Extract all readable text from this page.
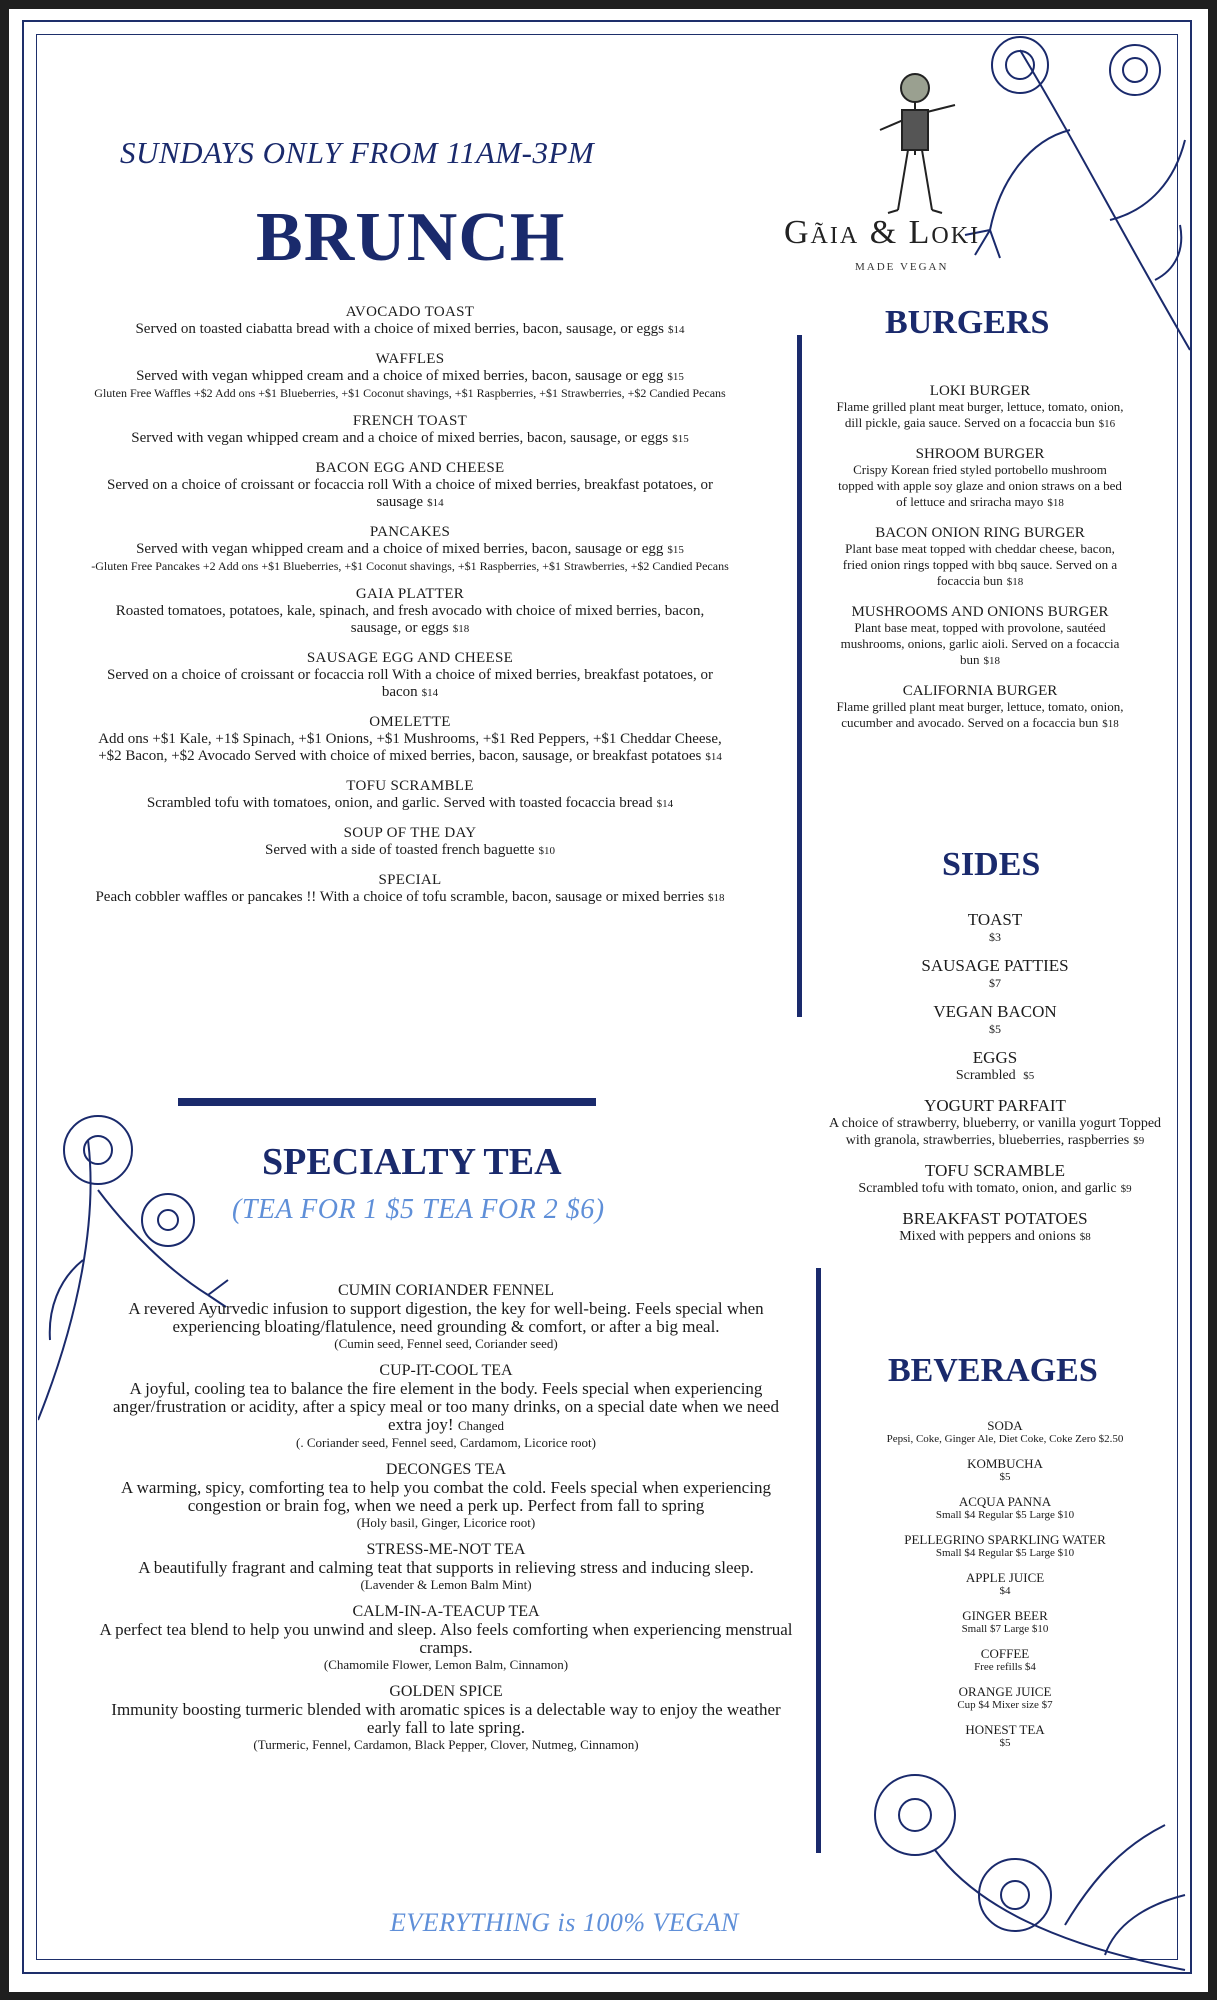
SUNDAYS ONLY FROM 11AM-3PM
BRUNCH
AVOCADO TOAST
Served on toasted ciabatta bread with a choice of mixed berries, bacon, sausage, or eggs $14
WAFFLES
Served with vegan whipped cream and a choice of mixed berries, bacon, sausage or egg $15
Gluten Free Waffles +$2 Add ons +$1 Blueberries, +$1 Coconut shavings, +$1 Raspberries, +$1 Strawberries, +$2 Candied Pecans
FRENCH TOAST
Served with vegan whipped cream and a choice of mixed berries, bacon, sausage, or eggs $15
BACON EGG AND CHEESE
Served on a choice of croissant or focaccia roll With a choice of mixed berries, breakfast potatoes, or sausage $14
PANCAKES
Served with vegan whipped cream and a choice of mixed berries, bacon, sausage or egg $15
-Gluten Free Pancakes +2 Add ons +$1 Blueberries, +$1 Coconut shavings, +$1 Raspberries, +$1 Strawberries, +$2 Candied Pecans
GAIA PLATTER
Roasted tomatoes, potatoes, kale, spinach, and fresh avocado with choice of mixed berries, bacon, sausage, or eggs $18
SAUSAGE EGG AND CHEESE
Served on a choice of croissant or focaccia roll With a choice of mixed berries, breakfast potatoes, or bacon $14
OMELETTE
Add ons +$1 Kale, +1$ Spinach, +$1 Onions, +$1 Mushrooms, +$1 Red Peppers, +$1 Cheddar Cheese, +$2 Bacon, +$2 Avocado Served with choice of mixed berries, bacon, sausage, or breakfast potatoes $14
TOFU SCRAMBLE
Scrambled tofu with tomatoes, onion, and garlic. Served with toasted focaccia bread $14
SOUP OF THE DAY
Served with a side of toasted french baguette $10
SPECIAL
Peach cobbler waffles or pancakes !! With a choice of tofu scramble, bacon, sausage or mixed berries $18
SPECIALTY TEA
(TEA FOR 1 $5 TEA FOR 2 $6)
CUMIN CORIANDER FENNEL
A revered Ayurvedic infusion to support digestion, the key for well-being. Feels special when experiencing bloating/flatulence, need grounding & comfort, or after a big meal.
(Cumin seed, Fennel seed, Coriander seed)
CUP-IT-COOL TEA
A joyful, cooling tea to balance the fire element in the body. Feels special when experiencing anger/frustration or acidity, after a spicy meal or too many drinks, on a special date when we need extra joy! Changed
(. Coriander seed, Fennel seed, Cardamom, Licorice root)
DECONGES TEA
A warming, spicy, comforting tea to help you combat the cold. Feels special when experiencing congestion or brain fog, when we need a perk up. Perfect from fall to spring
(Holy basil, Ginger, Licorice root)
STRESS-ME-NOT TEA
A beautifully fragrant and calming teat that supports in relieving stress and inducing sleep.
(Lavender & Lemon Balm Mint)
CALM-IN-A-TEACUP TEA
A perfect tea blend to help you unwind and sleep. Also feels comforting when experiencing menstrual cramps.
(Chamomile Flower, Lemon Balm, Cinnamon)
GOLDEN SPICE
Immunity boosting turmeric blended with aromatic spices is a delectable way to enjoy the weather early fall to late spring.
(Turmeric, Fennel, Cardamon, Black Pepper, Clover, Nutmeg, Cinnamon)
EVERYTHING is 100% VEGAN
Gãia & Loki
MADE VEGAN
BURGERS
LOKI BURGER
Flame grilled plant meat burger, lettuce, tomato, onion, dill pickle, gaia sauce. Served on a focaccia bun $16
SHROOM BURGER
Crispy Korean fried styled portobello mushroom topped with apple soy glaze and onion straws on a bed of lettuce and sriracha mayo $18
BACON ONION RING BURGER
Plant base meat topped with cheddar cheese, bacon, fried onion rings topped with bbq sauce. Served on a focaccia bun $18
MUSHROOMS AND ONIONS BURGER
Plant base meat, topped with provolone, sautéed mushrooms, onions, garlic aioli. Served on a focaccia bun $18
CALIFORNIA BURGER
Flame grilled plant meat burger, lettuce, tomato, onion, cucumber and avocado. Served on a focaccia bun $18
SIDES
TOAST
$3
SAUSAGE PATTIES
$7
VEGAN BACON
$5
EGGS
Scrambled $5
YOGURT PARFAIT
A choice of strawberry, blueberry, or vanilla yogurt Topped with granola, strawberries, blueberries, raspberries $9
TOFU SCRAMBLE
Scrambled tofu with tomato, onion, and garlic $9
BREAKFAST POTATOES
Mixed with peppers and onions $8
BEVERAGES
SODA
Pepsi, Coke, Ginger Ale, Diet Coke, Coke Zero $2.50
KOMBUCHA
$5
ACQUA PANNA
Small $4 Regular $5 Large $10
PELLEGRINO SPARKLING WATER
Small $4 Regular $5 Large $10
APPLE JUICE
$4
GINGER BEER
Small $7 Large $10
COFFEE
Free refills $4
ORANGE JUICE
Cup $4 Mixer size $7
HONEST TEA
$5
